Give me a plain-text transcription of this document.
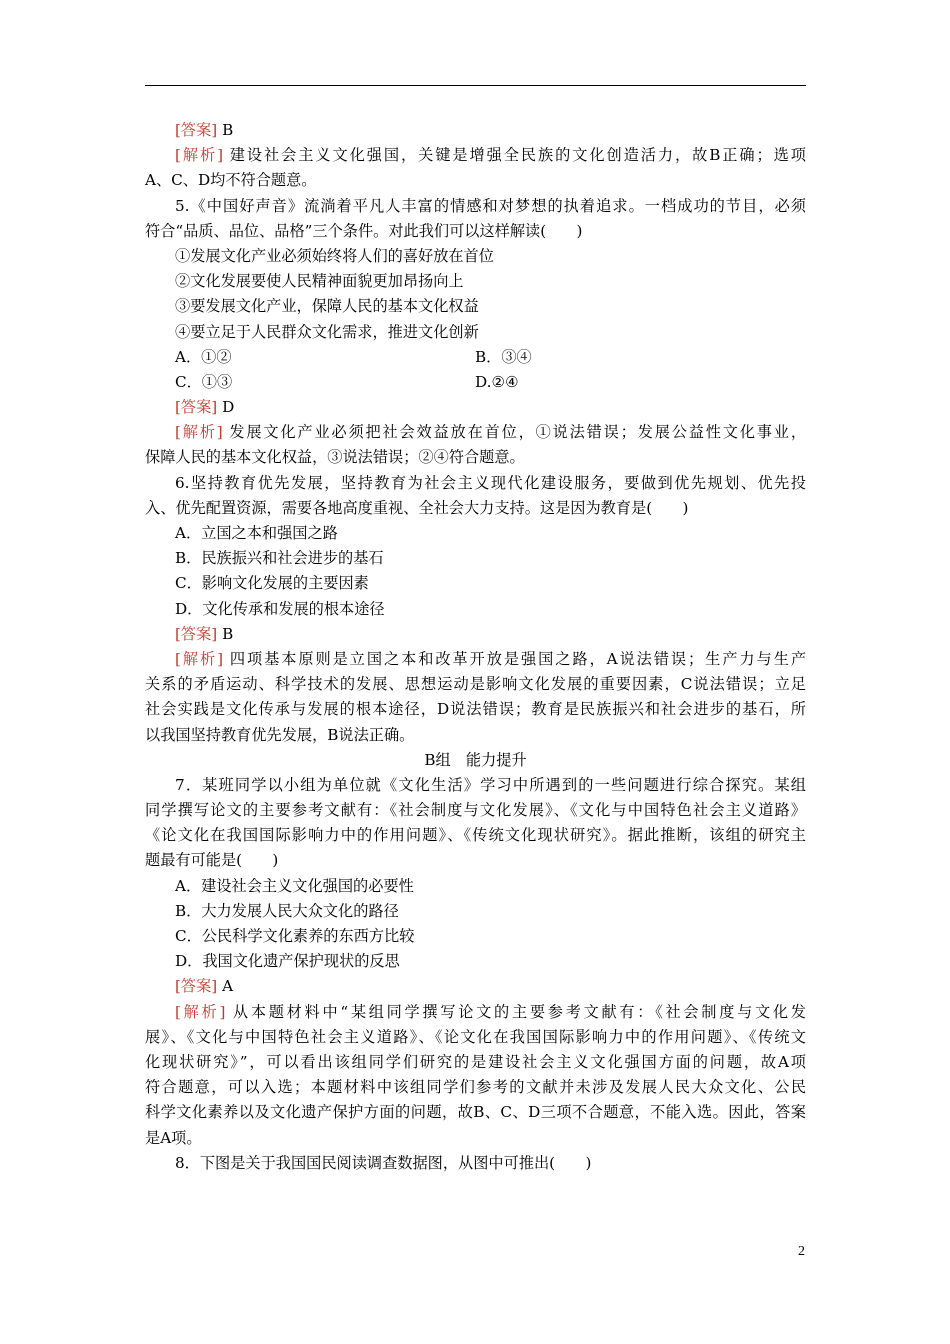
[答案] B
[解析] 建设社会主义文化强国，关键是增强全民族的文化创造活力，故B正确；选项
A、C、D均不符合题意。
5.《中国好声音》流淌着平凡人丰富的情感和对梦想的执着追求。一档成功的节目，必须
符合“品质、品位、品格”三个条件。对此我们可以这样解读(　　)
①发展文化产业必须始终将人们的喜好放在首位
②文化发展要使人民精神面貌更加昂扬向上
③要发展文化产业，保障人民的基本文化权益
④要立足于人民群众文化需求，推进文化创新
A．①②	B．③④
C．①③	D.②④
[答案] D
[解析] 发展文化产业必须把社会效益放在首位，①说法错误；发展公益性文化事业，
保障人民的基本文化权益，③说法错误；②④符合题意。
6.坚持教育优先发展，坚持教育为社会主义现代化建设服务，要做到优先规划、优先投
入、优先配置资源，需要各地高度重视、全社会大力支持。这是因为教育是(　　)
A．立国之本和强国之路
B．民族振兴和社会进步的基石
C．影响文化发展的主要因素
D．文化传承和发展的根本途径
[答案] B
[解析] 四项基本原则是立国之本和改革开放是强国之路，A说法错误；生产力与生产
关系的矛盾运动、科学技术的发展、思想运动是影响文化发展的重要因素，C说法错误；立足
社会实践是文化传承与发展的根本途径，D说法错误；教育是民族振兴和社会进步的基石，所
以我国坚持教育优先发展，B说法正确。
B组　能力提升
7．某班同学以小组为单位就《文化生活》学习中所遇到的一些问题进行综合探究。某组
同学撰写论文的主要参考文献有：《社会制度与文化发展》、《文化与中国特色社会主义道路》
《论文化在我国国际影响力中的作用问题》、《传统文化现状研究》。据此推断，该组的研究主
题最有可能是(　　)
A．建设社会主义文化强国的必要性
B．大力发展人民大众文化的路径
C．公民科学文化素养的东西方比较
D．我国文化遗产保护现状的反思
[答案] A
[解析] 从本题材料中“某组同学撰写论文的主要参考文献有：《社会制度与文化发
展》、《文化与中国特色社会主义道路》、《论文化在我国国际影响力中的作用问题》、《传统文
化现状研究》”，可以看出该组同学们研究的是建设社会主义文化强国方面的问题，故A项
符合题意，可以入选；本题材料中该组同学们参考的文献并未涉及发展人民大众文化、公民
科学文化素养以及文化遗产保护方面的问题，故B、C、D三项不合题意，不能入选。因此，答案
是A项。
8．下图是关于我国国民阅读调查数据图，从图中可推出(　　)
2
